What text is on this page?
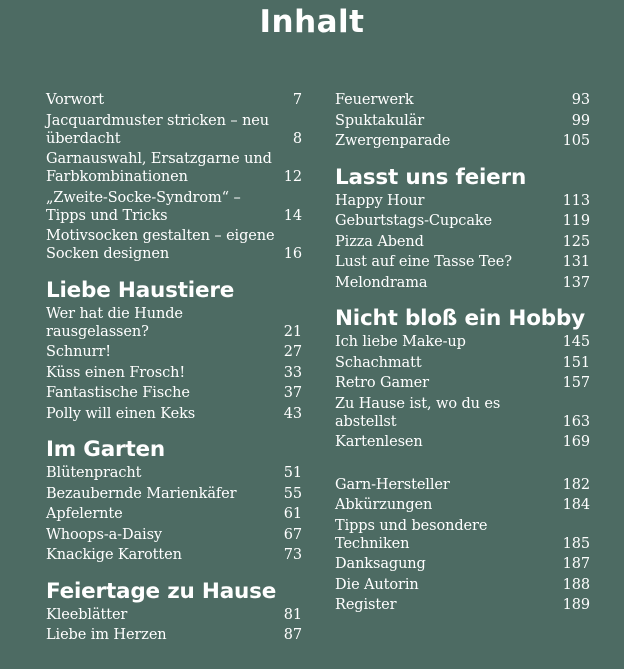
Inhalt
Vorwort	7
Jacquardmuster stricken – neu überdacht	8
Garnauswahl, Ersatzgarne und Farbkombinationen	12
„Zweite-Socke-Syndrom“ – Tipps und Tricks	14
Motivsocken gestalten – eigene Socken designen	16
Liebe Haustiere
Wer hat die Hunde rausgelassen?	21
Schnurr!	27
Küss einen Frosch!	33
Fantastische Fische	37
Polly will einen Keks	43
Im Garten
Blütenpracht	51
Bezaubernde Marienkäfer	55
Apfelernte	61
Whoops-a-Daisy	67
Knackige Karotten	73
Feiertage zu Hause
Kleeblätter	81
Liebe im Herzen	87
Feuerwerk	93
Spuktakulär	99
Zwergenparade	105
Lasst uns feiern
Happy Hour	113
Geburtstags-Cupcake	119
Pizza Abend	125
Lust auf eine Tasse Tee?	131
Melondrama	137
Nicht bloß ein Hobby
Ich liebe Make-up	145
Schachmatt	151
Retro Gamer	157
Zu Hause ist, wo du es abstellst	163
Kartenlesen	169
Garn-Hersteller	182
Abkürzungen	184
Tipps und besondere Techniken	185
Danksagung	187
Die Autorin	188
Register	189
